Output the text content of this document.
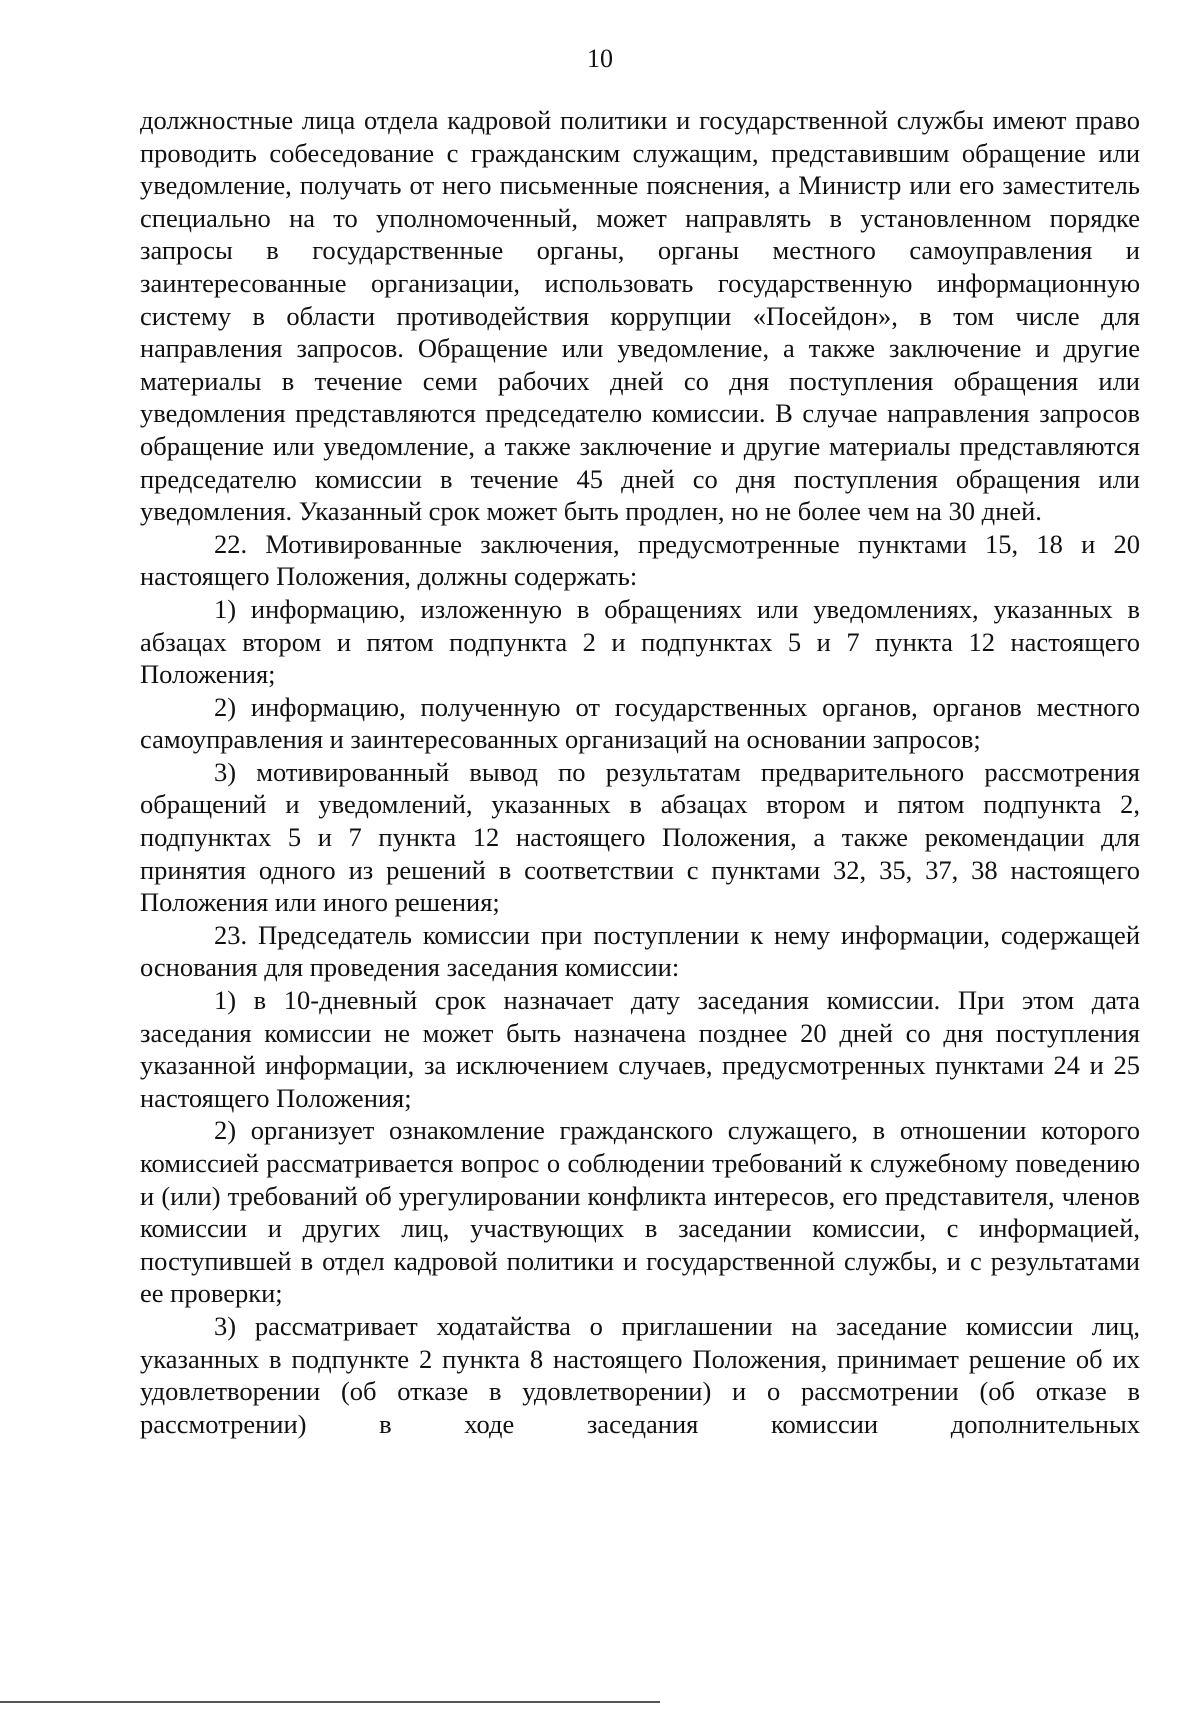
10

должностные лица отдела кадровой политики и государственной службы имеют право проводить собеседование с гражданским служащим, представившим обращение или уведомление, получать от него письменные пояснения, а Министр или его заместитель специально на то уполномоченный, может направлять в установленном порядке запросы в государственные органы, органы местного самоуправления и заинтересованные организации, использовать государственную информационную систему в области противодействия коррупции «Посейдон», в том числе для направления запросов. Обращение или уведомление, а также заключение и другие материалы в течение семи рабочих дней со дня поступления обращения или уведомления представляются председателю комиссии. В случае направления запросов обращение или уведомление, а также заключение и другие материалы представляются председателю комиссии в течение 45 дней со дня поступления обращения или уведомления. Указанный срок может быть продлен, но не более чем на 30 дней.

22. Мотивированные заключения, предусмотренные пунктами 15, 18 и 20 настоящего Положения, должны содержать:

1) информацию, изложенную в обращениях или уведомлениях, указанных в абзацах втором и пятом подпункта 2 и подпунктах 5 и 7 пункта 12 настоящего Положения;

2) информацию, полученную от государственных органов, органов местного самоуправления и заинтересованных организаций на основании запросов;

3) мотивированный вывод по результатам предварительного рассмотрения обращений и уведомлений, указанных в абзацах втором и пятом подпункта 2, подпунктах 5 и 7 пункта 12 настоящего Положения, а также рекомендации для принятия одного из решений в соответствии с пунктами 32, 35, 37, 38 настоящего Положения или иного решения;

23. Председатель комиссии при поступлении к нему информации, содержащей основания для проведения заседания комиссии:

1) в 10-дневный срок назначает дату заседания комиссии. При этом дата заседания комиссии не может быть назначена позднее 20 дней со дня поступления указанной информации, за исключением случаев, предусмотренных пунктами 24 и 25 настоящего Положения;

2) организует ознакомление гражданского служащего, в отношении которого комиссией рассматривается вопрос о соблюдении требований к служебному поведению и (или) требований об урегулировании конфликта интересов, его представителя, членов комиссии и других лиц, участвующих в заседании комиссии, с информацией, поступившей в отдел кадровой политики и государственной службы, и с результатами ее проверки;

3) рассматривает ходатайства о приглашении на заседание комиссии лиц, указанных в подпункте 2 пункта 8 настоящего Положения, принимает решение об их удовлетворении (об отказе в удовлетворении) и о рассмотрении (об отказе в рассмотрении) в ходе заседания комиссии дополнительных
